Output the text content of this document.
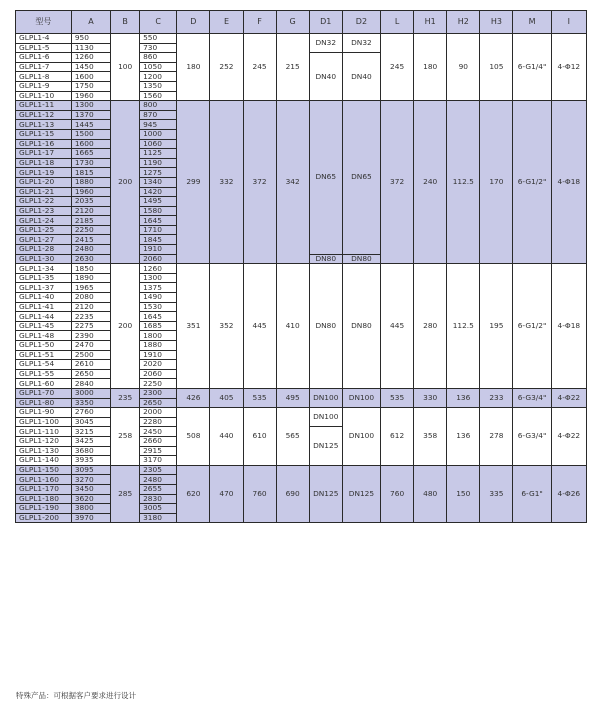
型号	A	B	C	D	E	F	G	D1	D2	L	H1	H2	H3	M	I
GLPL1-4	950	100	550	180	252	245	215	DN32	DN32	245	180	90	105	6-G1/4"	4-Φ12
GLPL1-5	1130		730												
GLPL1-6	1260		860					DN40	DN40						
GLPL1-7	1450		1050												
GLPL1-8	1600		1200												
GLPL1-9	1750		1350												
GLPL1-10	1960		1560												
GLPL1-11	1300	200	800	299	332	372	342	DN65	DN65	372	240	112.5	170	6-G1/2"	4-Φ18
GLPL1-12	1370		870												
GLPL1-13	1445		945												
GLPL1-15	1500		1000												
GLPL1-16	1600		1060												
GLPL1-17	1665		1125												
GLPL1-18	1730		1190												
GLPL1-19	1815		1275												
GLPL1-20	1880		1340												
GLPL1-21	1960		1420												
GLPL1-22	2035		1495												
GLPL1-23	2120		1580												
GLPL1-24	2185		1645												
GLPL1-25	2250		1710												
GLPL1-27	2415		1845												
GLPL1-28	2480		1910												
GLPL1-30	2630		2060					DN80	DN80						
GLPL1-34	1850	200	1260	351	352	445	410	DN80	DN80	445	280	112.5	195	6-G1/2"	4-Φ18
GLPL1-35	1890		1300												
GLPL1-37	1965		1375												
GLPL1-40	2080		1490												
GLPL1-41	2120		1530												
GLPL1-44	2235		1645												
GLPL1-45	2275		1685												
GLPL1-48	2390		1800												
GLPL1-50	2470		1880												
GLPL1-51	2500		1910												
GLPL1-54	2610		2020												
GLPL1-55	2650		2060												
GLPL1-60	2840		2250												
GLPL1-70	3000	235	2300	426	405	535	495	DN100	DN100	535	330	136	233	6-G3/4"	4-Φ22
GLPL1-80	3350		2650												
GLPL1-90	2760	258	2000	508	440	610	565	DN100	DN100	612	358	136	278	6-G3/4"	4-Φ22
GLPL1-100	3045		2280												
GLPL1-110	3215		2450					DN125							
GLPL1-120	3425		2660												
GLPL1-130	3680		2915												
GLPL1-140	3935		3170												
GLPL1-150	3095	285	2305	620	470	760	690	DN125	DN125	760	480	150	335	6-G1"	4-Φ26
GLPL1-160	3270		2480												
GLPL1-170	3450		2655												
GLPL1-180	3620		2830												
GLPL1-190	3800		3005												
GLPL1-200	3970		3180												
特殊产品：可根据客户要求进行设计
